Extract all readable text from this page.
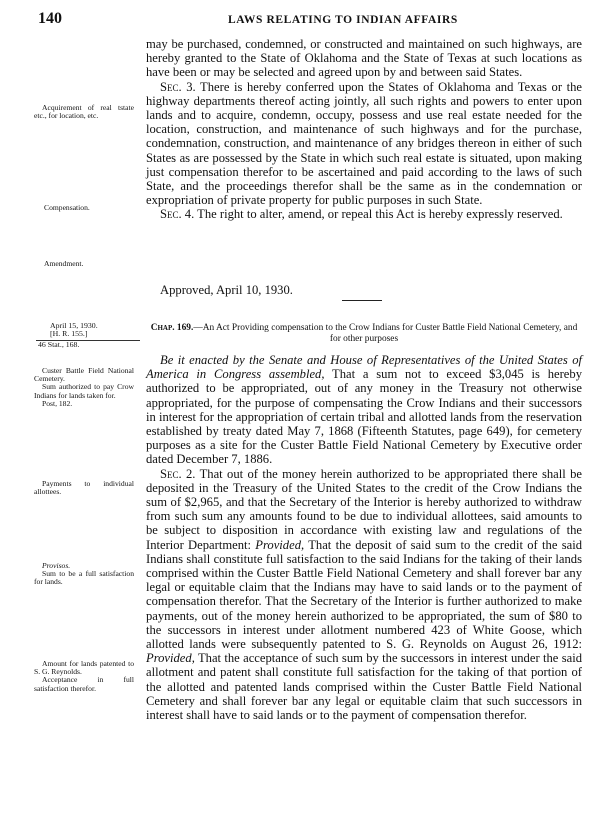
140	LAWS RELATING TO INDIAN AFFAIRS

may be purchased, condemned, or constructed and maintained on such highways, are hereby granted to the State of Oklahoma and the State of Texas at such locations as have been or may be selected and agreed upon by and between said States.

Sec. 3. There is hereby conferred upon the States of Oklahoma and Texas or the highway departments thereof acting jointly, all such rights and powers to enter upon lands and to acquire, condemn, occupy, possess and use real estate needed for the location, construction, and maintenance of such highways and for the purchase, condemnation, construction, and maintenance of any bridges thereon in either of such States as are possessed by the State in which such real estate is situated, upon making just compensation therefor to be ascertained and paid according to the laws of such State, and the proceedings therefor shall be the same as in the condemnation or expropriation of private property for public purposes in such State.

Sec. 4. The right to alter, amend, or repeal this Act is hereby expressly reserved.

Approved, April 10, 1930.
Acquirement of real tstate etc., for location, etc.
Compensation.
Amendment.
April 15, 1930.
[H. R. 155.]
46 Stat., 168.
Chap. 169.—An Act Providing compensation to the Crow Indians for Custer Battle Field National Cemetery, and for other purposes

Be it enacted by the Senate and House of Representatives of the United States of America in Congress assembled, That a sum not to exceed $3,045 is hereby authorized to be appropriated, out of any money in the Treasury not otherwise appropriated, for the purpose of compensating the Crow Indians and their successors in interest for the appropriation of certain tribal and allotted lands from the reservation established by treaty dated May 7, 1868 (Fifteenth Statutes, page 649), for cemetery purposes as a site for the Custer Battle Field National Cemetery by Executive order dated December 7, 1886.

Sec. 2. That out of the money herein authorized to be appropriated there shall be deposited in the Treasury of the United States to the credit of the Crow Indians the sum of $2,965, and that the Secretary of the Interior is hereby authorized to withdraw from such sum any amounts found to be due to individual allottees, said amounts to be subject to disposition in accordance with existing law and regulations of the Interior Department: Provided, That the deposit of said sum to the credit of the said Indians shall constitute full satisfaction to the said Indians for the taking of their lands comprised within the Custer Battle Field National Cemetery and shall forever bar any legal or equitable claim that the Indians may have to said lands or to the payment of compensation therefor. That the Secretary of the Interior is further authorized to make payments, out of the money herein authorized to be appropriated, the sum of $80 to the successors in interest under allotment numbered 423 of White Goose, which allotted lands were subsequently patented to S. G. Reynolds on August 26, 1912: Provided, That the acceptance of such sum by the successors in interest under the said allotment and patent shall constitute full satisfaction for the taking of that portion of the allotted and patented lands comprised within the Custer Battle Field National Cemetery and shall forever bar any legal or equitable claim that such successors in interest shall have to said lands or to the payment of compensation therefor.

Custer Battle Field National Cemetery.
Sum authorized to pay Crow Indians for lands taken for.
Post, 182.
Payments to individual allottees.
Provisos.
Sum to be a full satisfaction for lands.
Amount for lands patented to S. G. Reynolds.
Acceptance in full satisfaction therefor.
